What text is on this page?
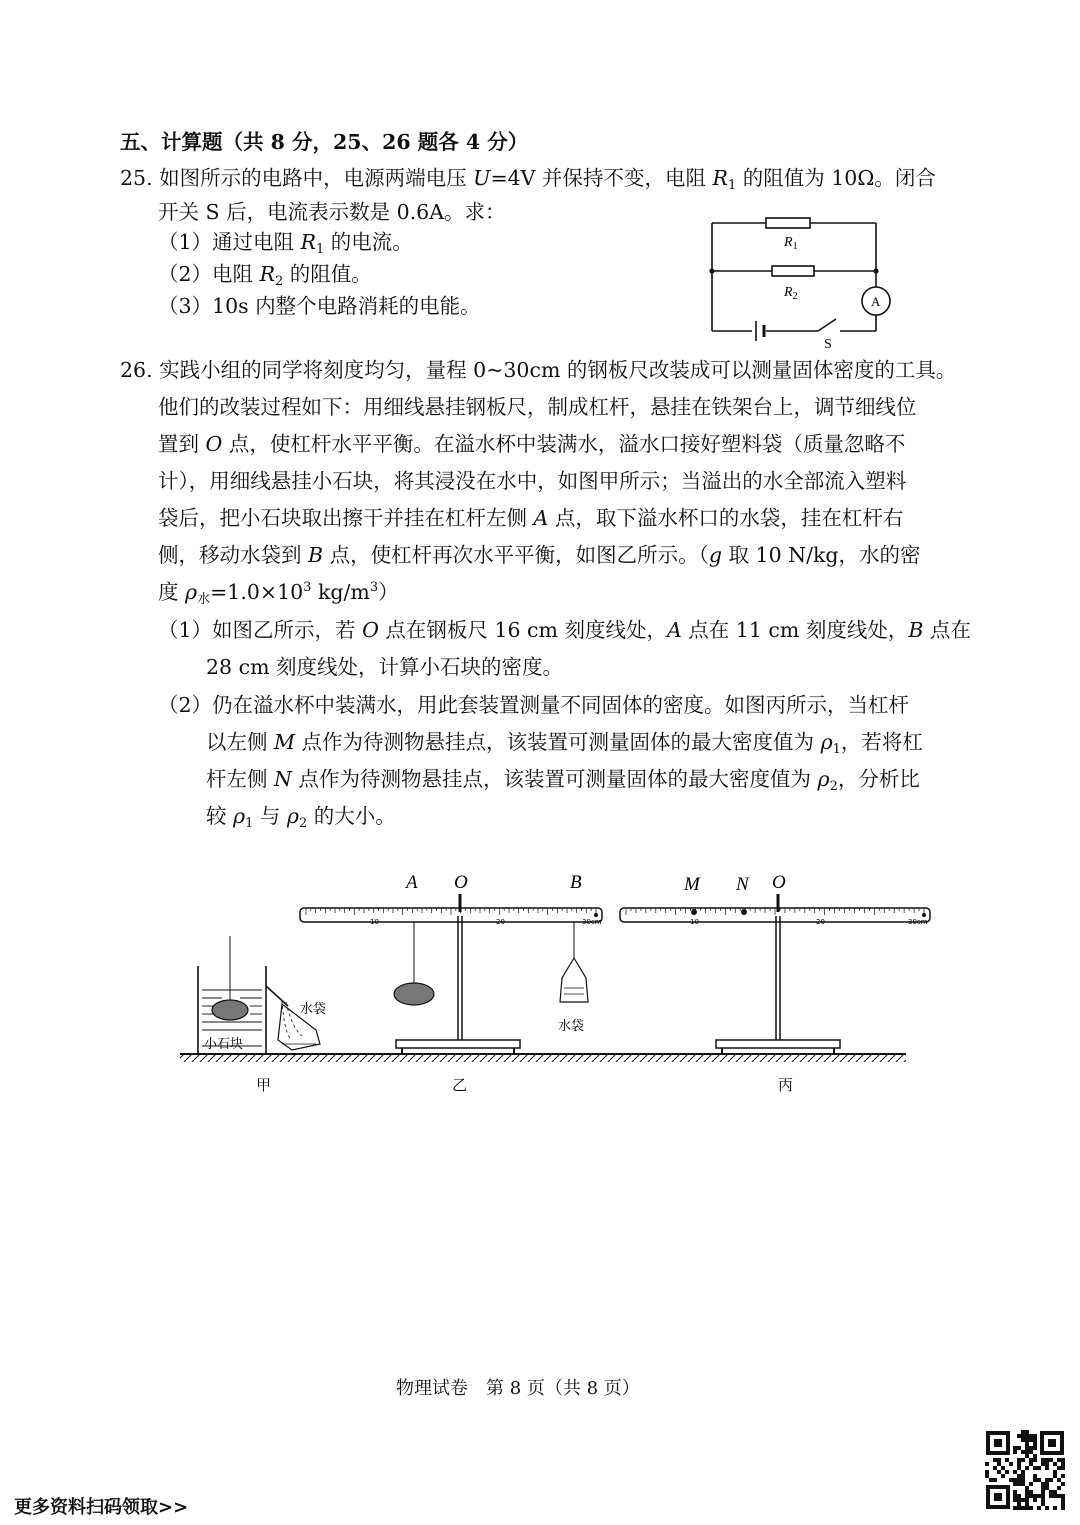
五、计算题（共 8 分，25、26 题各 4 分）
25. 如图所示的电路中，电源两端电压 U=4V 并保持不变，电阻 $R_1$ 的阻值为 10Ω。闭合
开关 S 后，电流表示数是 0.6A。求：
（1）通过电阻 $R_1$ 的电流。
（2）电阻 $R_2$ 的阻值。
（3）10s 内整个电路消耗的电能。
$R_1$
$R_2$	A
S
26. 实践小组的同学将刻度均匀，量程 0~30cm 的钢板尺改装成可以测量固体密度的工具。
他们的改装过程如下：用细线悬挂钢板尺，制成杠杆，悬挂在铁架台上，调节细线位
置到 O 点，使杠杆水平平衡。在溢水杯中装满水，溢水口接好塑料袋（质量忽略不
计），用细线悬挂小石块，将其浸没在水中，如图甲所示；当溢出的水全部流入塑料
袋后，把小石块取出擦干并挂在杠杆左侧 A 点，取下溢水杯口的水袋，挂在杠杆右
侧，移动水袋到 B 点，使杠杆再次水平平衡，如图乙所示。（g 取 10 N/kg，水的密
度 $\rho_水=1.0\times 10^3$ $kg/m^3$）
（1）如图乙所示，若 O 点在钢板尺 16 cm 刻度线处，A 点在 11 cm 刻度线处，B 点在
28 cm 刻度线处，计算小石块的密度。
（2）仍在溢水杯中装满水，用此套装置测量不同固体的密度。如图丙所示，当杠杆
以左侧 M 点作为待测物悬挂点，该装置可测量固体的最大密度值为 $\rho_1$，若将杠
杆左侧 N 点作为待测物悬挂点，该装置可测量固体的最大密度值为 $\rho_2$，分析比
较 $\rho_1$ 与 $\rho_2$ 的大小。
水袋
小石块
甲
10	20	30cm
水袋
A O	B
乙
10	20	30cm
M N O
丙
物理试卷　第 8 页（共 8 页）
更多资料扫码领取>>
